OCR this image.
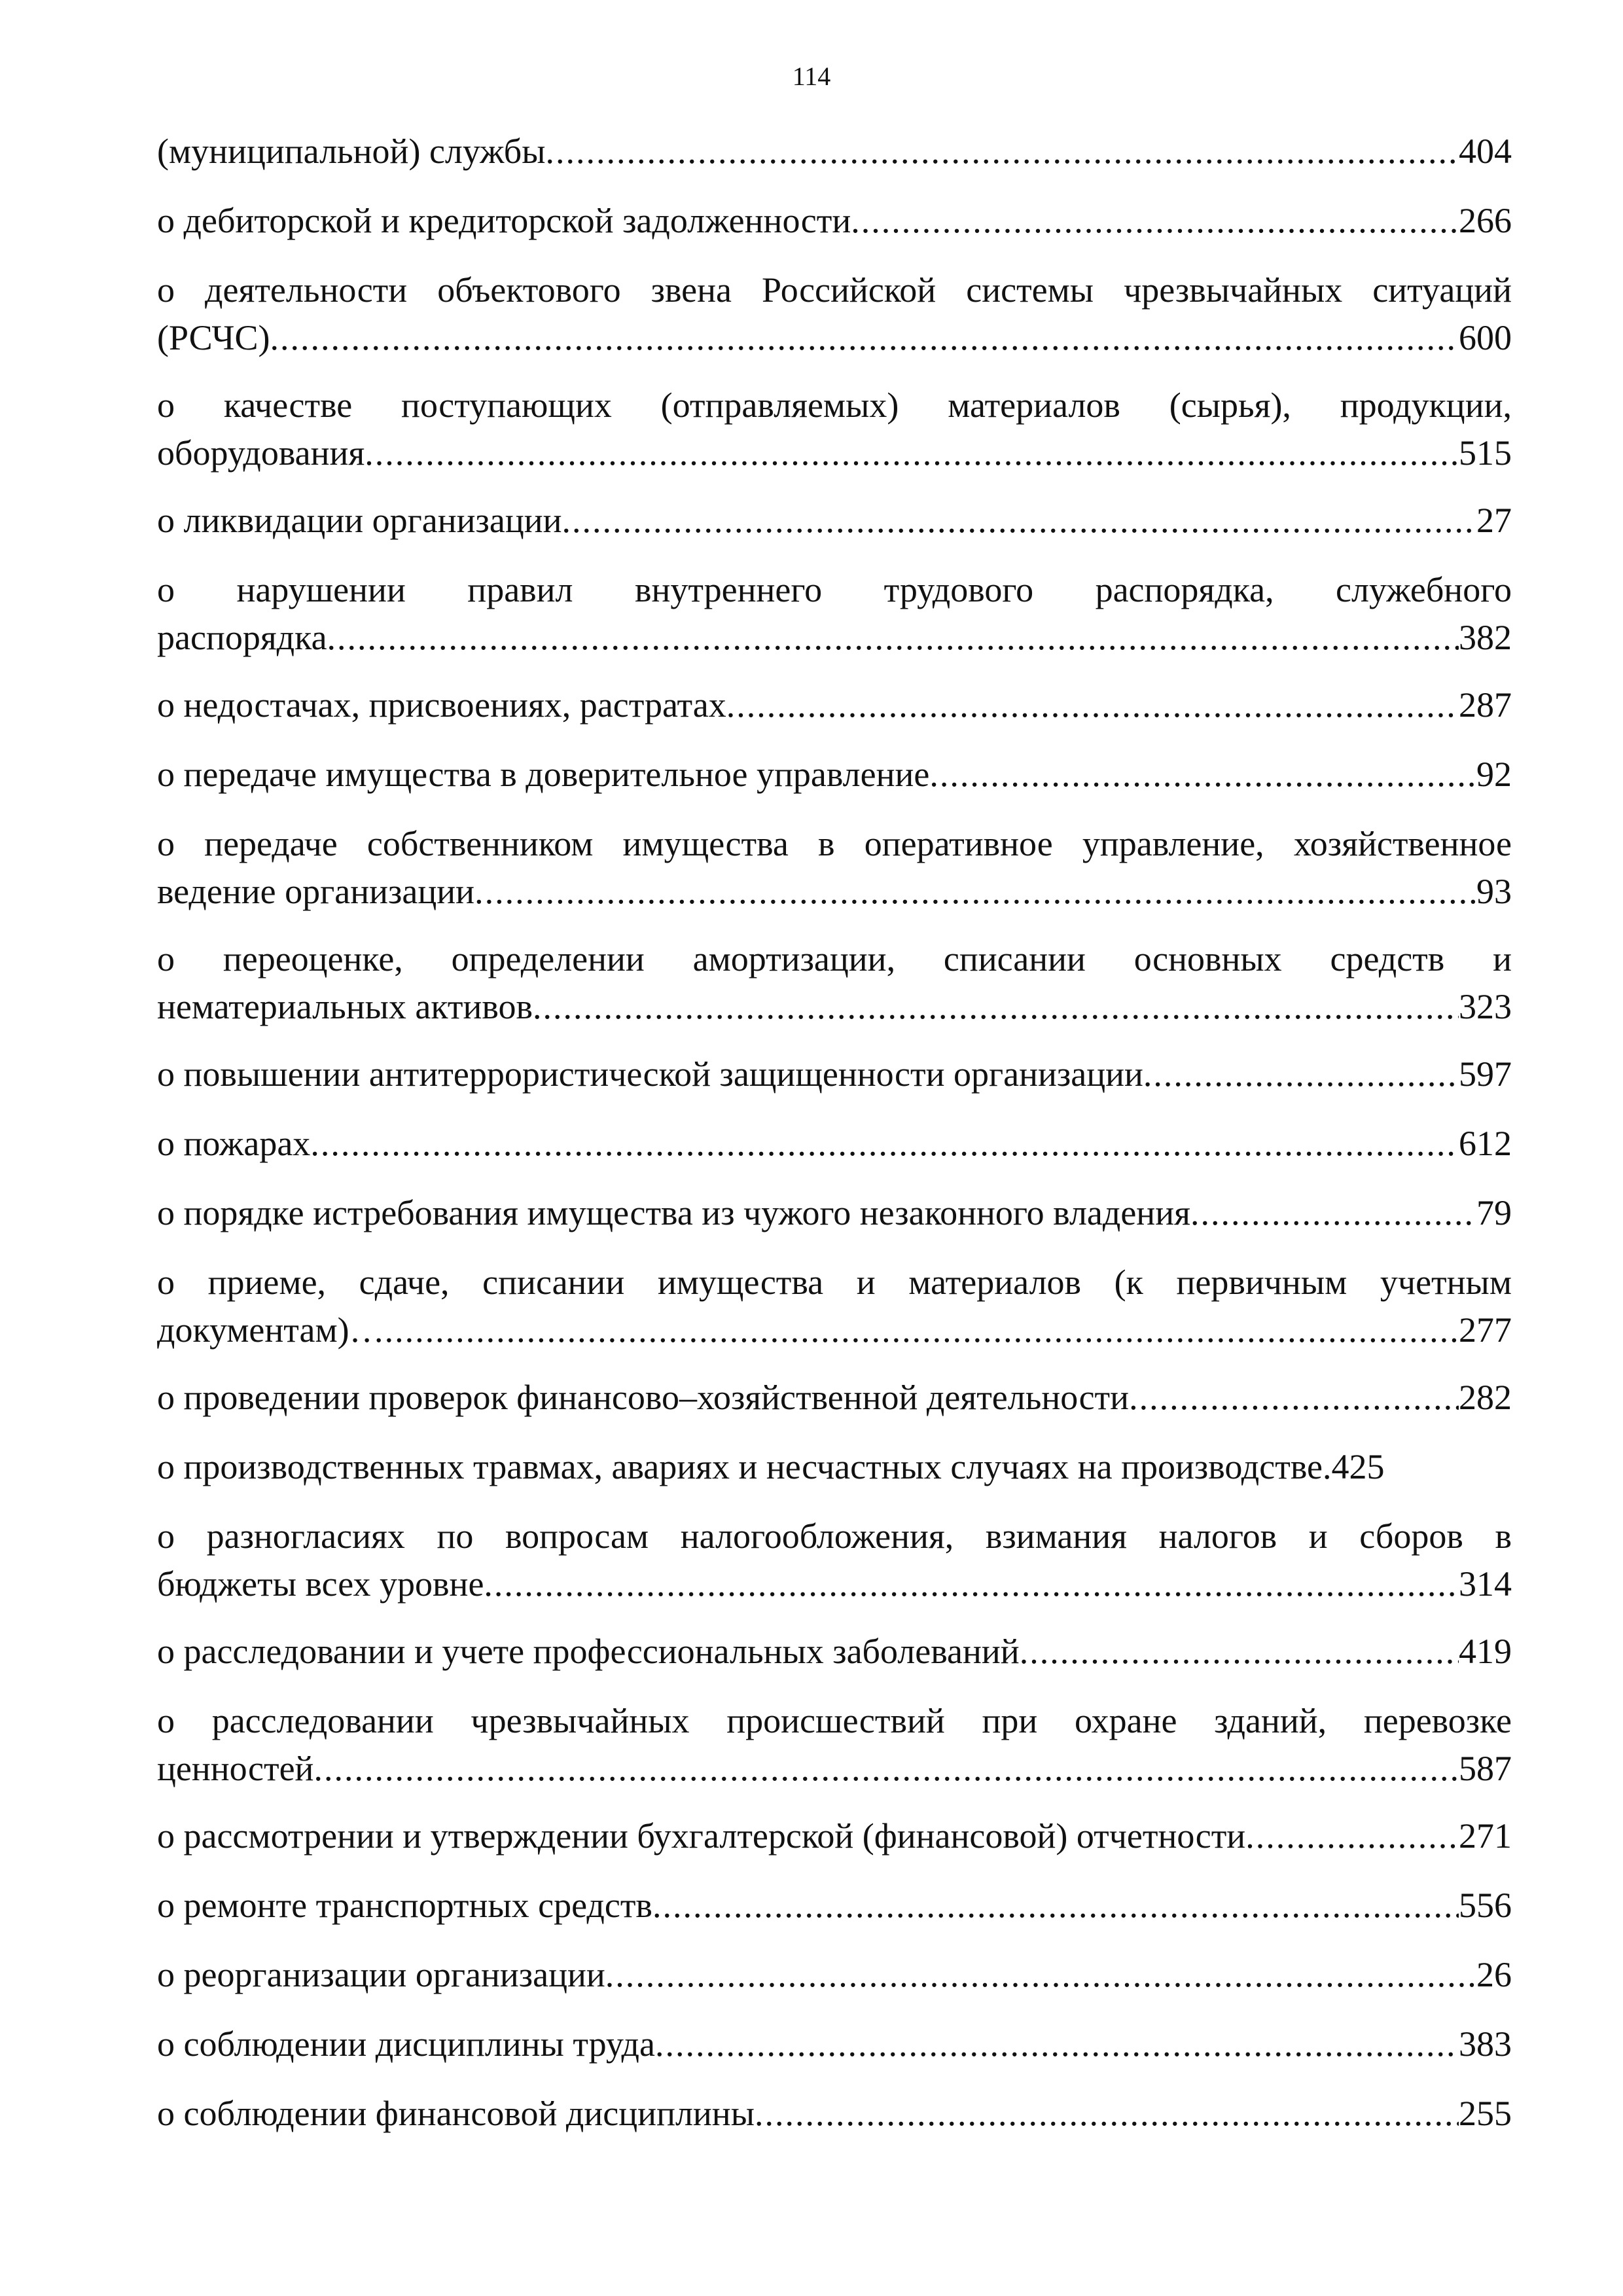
114
(муниципальной) службы .....	404
о дебиторской и кредиторской задолженности .....	266
о деятельности объектового звена Российской системы чрезвычайных ситуаций
(РСЧС) .....	600
о качестве поступающих (отправляемых) материалов (сырья), продукции,
оборудования .....	515
о ликвидации организации .....	27
о нарушении правил внутреннего трудового распорядка, служебного
распорядка .....	382
о недостачах, присвоениях, растратах .....	287
о передаче имущества в доверительное управление .....	92
о передаче собственником имущества в оперативное управление, хозяйственное
ведение организации .....	93
о переоценке, определении амортизации, списании основных средств и
нематериальных активов .....	323
о повышении антитеррористической защищенности организации .....	597
о пожарах .....	612
о порядке истребования имущества из чужого незаконного владения .....	79
о приеме, сдаче, списании имущества и материалов (к первичным учетным
документам)… .....	277
о проведении проверок финансово–хозяйственной деятельности .....	282
о производственных травмах, авариях и несчастных случаях на производстве. 425
о разногласиях по вопросам налогообложения, взимания налогов и сборов в
бюджеты всех уровне .....	314
о расследовании и учете профессиональных заболеваний .....	419
о расследовании чрезвычайных происшествий при охране зданий, перевозке
ценностей .....	587
о рассмотрении и утверждении бухгалтерской (финансовой) отчетности .....	271
о ремонте транспортных средств .....	556
о реорганизации организации .....	26
о соблюдении дисциплины труда .....	383
о соблюдении финансовой дисциплины .....	255
